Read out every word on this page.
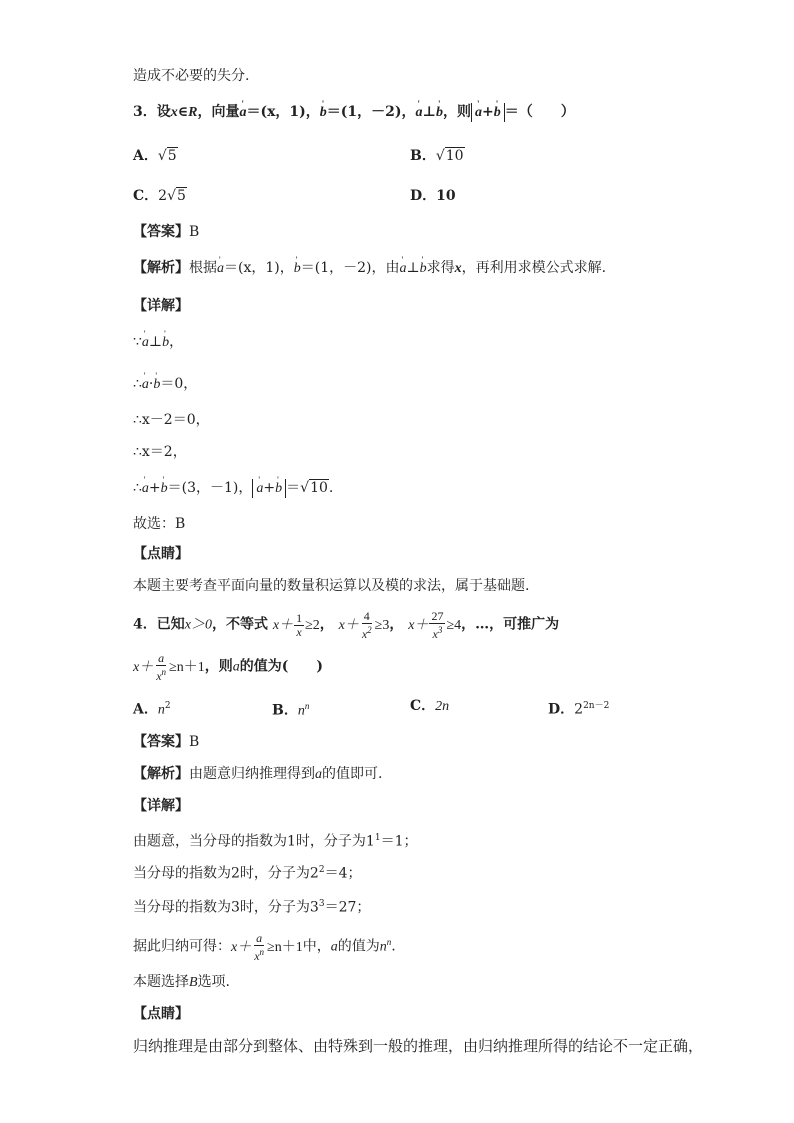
造成不必要的失分.
3．设x∈R，向量' a＝(x，1)，' b＝(1，－2)，' a⊥' b，则 ' a+' b ＝（　　）
A．√5	B．√10
C．2√5	D．10
【答案】B
【解析】根据' a＝(x，1)，' b＝(1，－2)，由' a⊥' b求得x，再利用求模公式求解.
【详解】
∵' a⊥' b，
∴' a·' b＝0，
∴x－2＝0，
∴x＝2，
∴' a+' b＝(3，－1)， ' a+' b ＝√10.
故选：B
【点睛】
本题主要考查平面向量的数量积运算以及模的求法，属于基础题.
4．已知x＞0，不等式 $x+ \frac{1}{x} \ge 2$， $x+ \frac{4}{x^2} \ge 3$， $x+ \frac{27}{x^3} \ge 4$，…，可推广为
$x+ \frac{a}{x^n} \ge n+1$，则a的值为(　　)
A．$n^2$	B．$n^n$	C．2n	D．$2^{2n-2}$
【答案】B
【解析】由题意归纳推理得到a的值即可.
【详解】
由题意，当分母的指数为1时，分子为$1^1=1$；
当分母的指数为2时，分子为$2^2=4$；
当分母的指数为3时，分子为$3^3=27$；
据此归纳可得：$x+ \frac{a}{x^n} \ge n+1$中，a的值为$n^n$.
本题选择B选项.
【点睛】
归纳推理是由部分到整体、由特殊到一般的推理，由归纳推理所得的结论不一定正确，
